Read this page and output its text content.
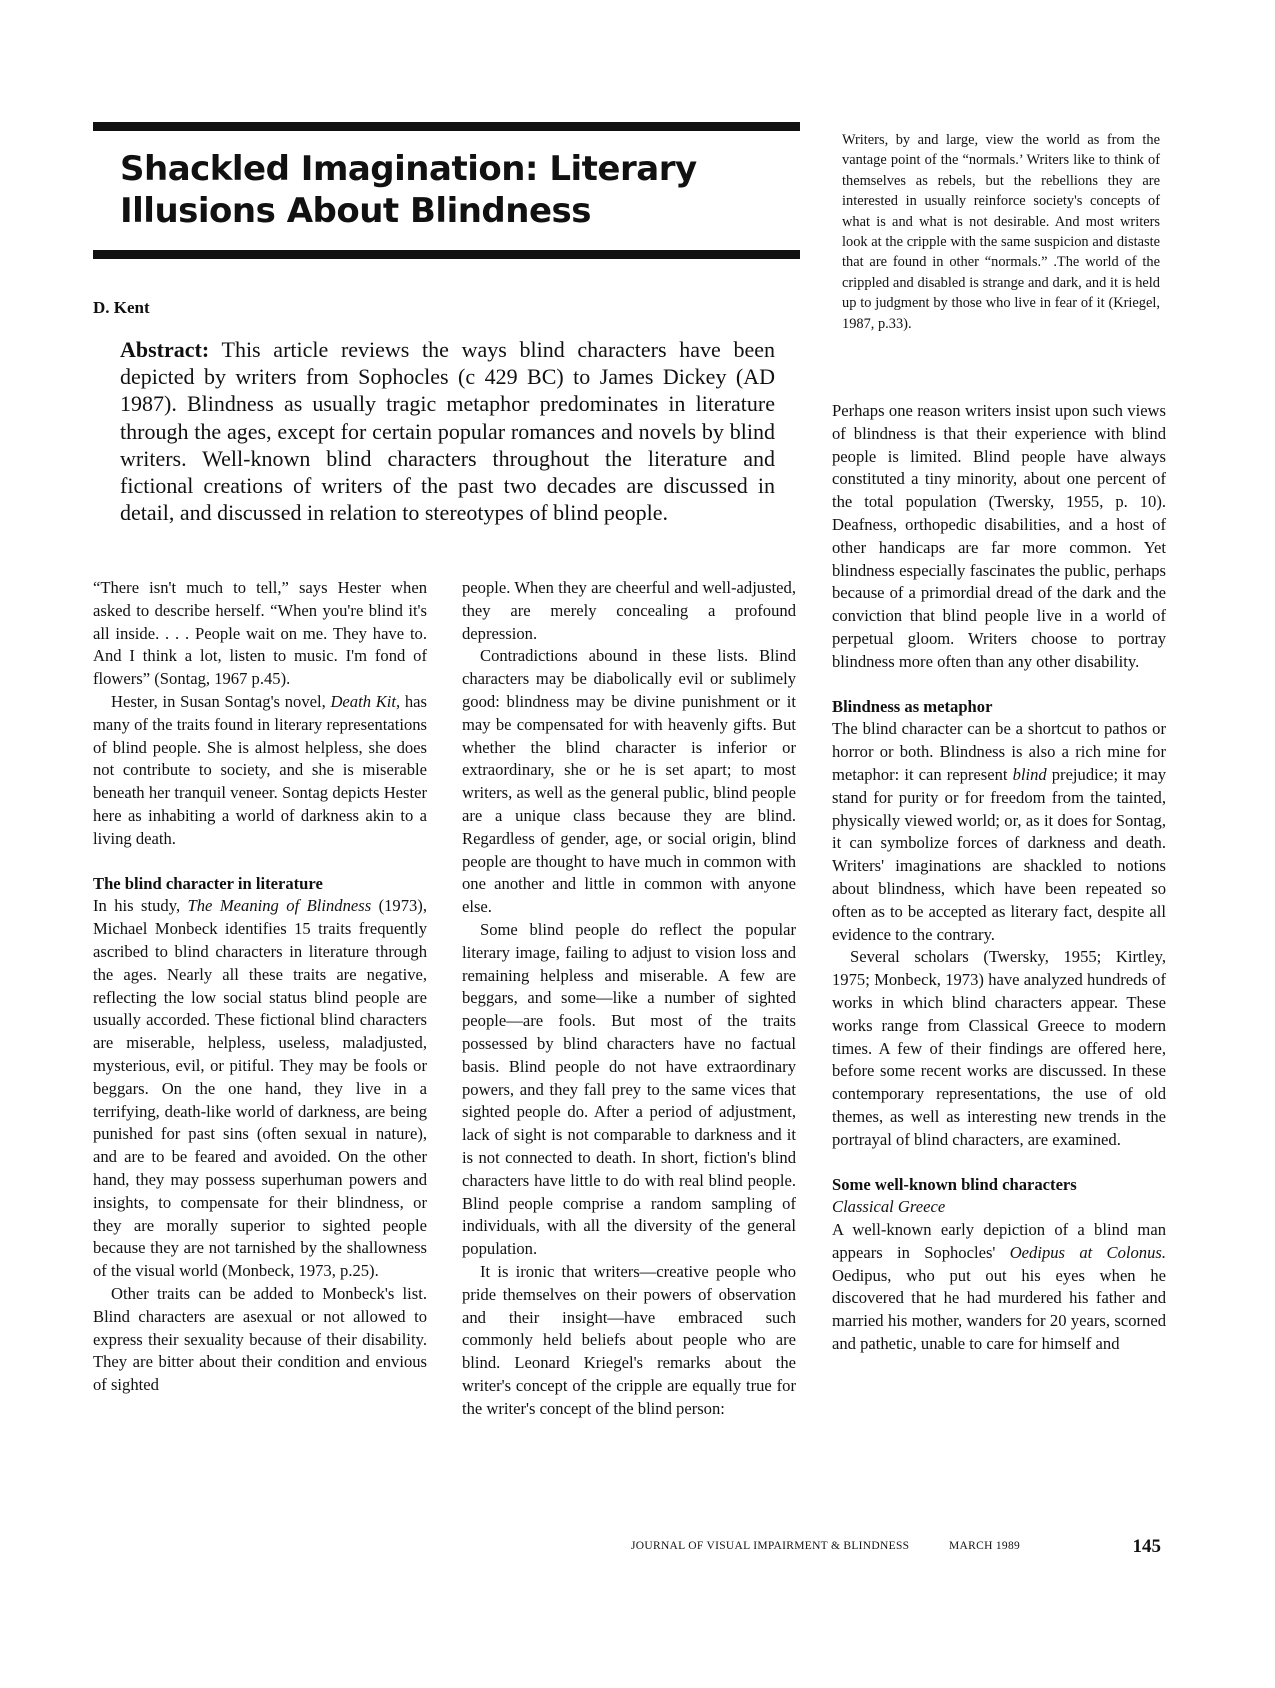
Shackled Imagination: Literary
Illusions About Blindness
D. Kent

Abstract: This article reviews the ways blind characters have been depicted by writers from Sophocles (c 429 BC) to James Dickey (AD 1987). Blindness as usually tragic metaphor predominates in literature through the ages, except for certain popular romances and novels by blind writers. Well-known blind characters throughout the literature and fictional creations of writers of the past two decades are discussed in detail, and discussed in relation to stereotypes of blind people.

“There isn't much to tell,” says Hester when asked to describe herself. “When you're blind it's all inside. . . . People wait on me. They have to. And I think a lot, listen to music. I'm fond of flowers” (Sontag, 1967 p.45).

Hester, in Susan Sontag's novel, Death Kit, has many of the traits found in literary representations of blind people. She is almost helpless, she does not contribute to society, and she is miserable beneath her tranquil veneer. Sontag depicts Hester here as inhabiting a world of darkness akin to a living death.

The blind character in literature

In his study, The Meaning of Blindness (1973), Michael Monbeck identifies 15 traits frequently ascribed to blind characters in literature through the ages. Nearly all these traits are negative, reflecting the low social status blind people are usually accorded. These fictional blind characters are miserable, helpless, useless, maladjusted, mysterious, evil, or pitiful. They may be fools or beggars. On the one hand, they live in a terrifying, death-like world of darkness, are being punished for past sins (often sexual in nature), and are to be feared and avoided. On the other hand, they may possess superhuman powers and insights, to compensate for their blindness, or they are morally superior to sighted people because they are not tarnished by the shallowness of the visual world (Monbeck, 1973, p.25).

Other traits can be added to Monbeck's list. Blind characters are asexual or not allowed to express their sexuality because of their disability. They are bitter about their condition and envious of sighted

people. When they are cheerful and well-adjusted, they are merely concealing a profound depression.

Contradictions abound in these lists. Blind characters may be diabolically evil or sublimely good: blindness may be divine punishment or it may be compensated for with heavenly gifts. But whether the blind character is inferior or extraordinary, she or he is set apart; to most writers, as well as the general public, blind people are a unique class because they are blind. Regardless of gender, age, or social origin, blind people are thought to have much in common with one another and little in common with anyone else.

Some blind people do reflect the popular literary image, failing to adjust to vision loss and remaining helpless and miserable. A few are beggars, and some—like a number of sighted people—are fools. But most of the traits possessed by blind characters have no factual basis. Blind people do not have extraordinary powers, and they fall prey to the same vices that sighted people do. After a period of adjustment, lack of sight is not comparable to darkness and it is not connected to death. In short, fiction's blind characters have little to do with real blind people. Blind people comprise a random sampling of individuals, with all the diversity of the general population.

It is ironic that writers—creative people who pride themselves on their powers of observation and their insight—have embraced such commonly held beliefs about people who are blind. Leonard Kriegel's remarks about the writer's concept of the cripple are equally true for the writer's concept of the blind person:

Writers, by and large, view the world as from the vantage point of the “normals.’ Writers like to think of themselves as rebels, but the rebellions they are interested in usually reinforce society's concepts of what is and what is not desirable. And most writers look at the cripple with the same suspicion and distaste that are found in other “normals.” .The world of the crippled and disabled is strange and dark, and it is held up to judgment by those who live in fear of it (Kriegel, 1987, p.33).

Perhaps one reason writers insist upon such views of blindness is that their experience with blind people is limited. Blind people have always constituted a tiny minority, about one percent of the total population (Twersky, 1955, p. 10). Deafness, orthopedic disabilities, and a host of other handicaps are far more common. Yet blindness especially fascinates the public, perhaps because of a primordial dread of the dark and the conviction that blind people live in a world of perpetual gloom. Writers choose to portray blindness more often than any other disability.

Blindness as metaphor

The blind character can be a shortcut to pathos or horror or both. Blindness is also a rich mine for metaphor: it can represent blind prejudice; it may stand for purity or for freedom from the tainted, physically viewed world; or, as it does for Sontag, it can symbolize forces of darkness and death. Writers' imaginations are shackled to notions about blindness, which have been repeated so often as to be accepted as literary fact, despite all evidence to the contrary.

Several scholars (Twersky, 1955; Kirtley, 1975; Monbeck, 1973) have analyzed hundreds of works in which blind characters appear. These works range from Classical Greece to modern times. A few of their findings are offered here, before some recent works are discussed. In these contemporary representations, the use of old themes, as well as interesting new trends in the portrayal of blind characters, are examined.

Some well-known blind characters
Classical Greece

A well-known early depiction of a blind man appears in Sophocles' Oedipus at Colonus. Oedipus, who put out his eyes when he discovered that he had murdered his father and married his mother, wanders for 20 years, scorned and pathetic, unable to care for himself and

JOURNAL OF VISUAL IMPAIRMENT & BLINDNESS	MARCH 1989	145
